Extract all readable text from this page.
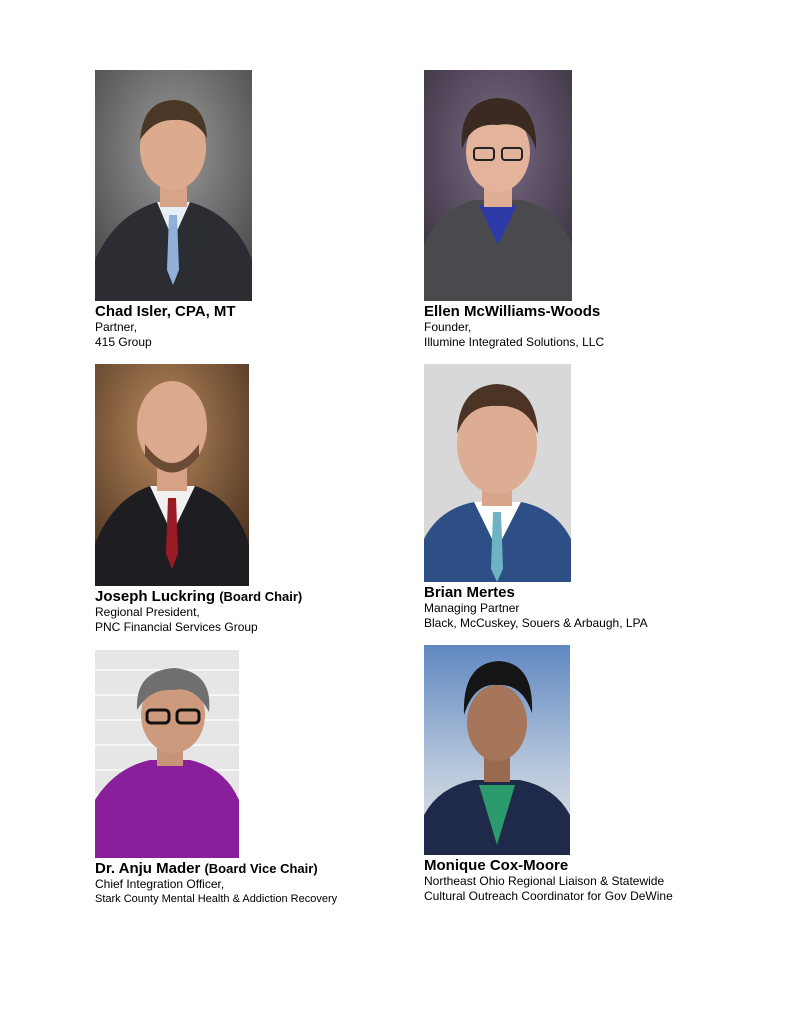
Chad Isler, CPA, MT
Partner,
415 Group
Ellen McWilliams-Woods
Founder,
Illumine Integrated Solutions, LLC
Joseph Luckring (Board Chair)
Regional President,
PNC Financial Services Group
Brian Mertes
Managing Partner
Black, McCuskey, Souers & Arbaugh, LPA
Dr. Anju Mader (Board Vice Chair)
Chief Integration Officer,
Stark County Mental Health & Addiction Recovery
Monique Cox-Moore
Northeast Ohio Regional Liaison & Statewide
Cultural Outreach Coordinator for Gov DeWine
